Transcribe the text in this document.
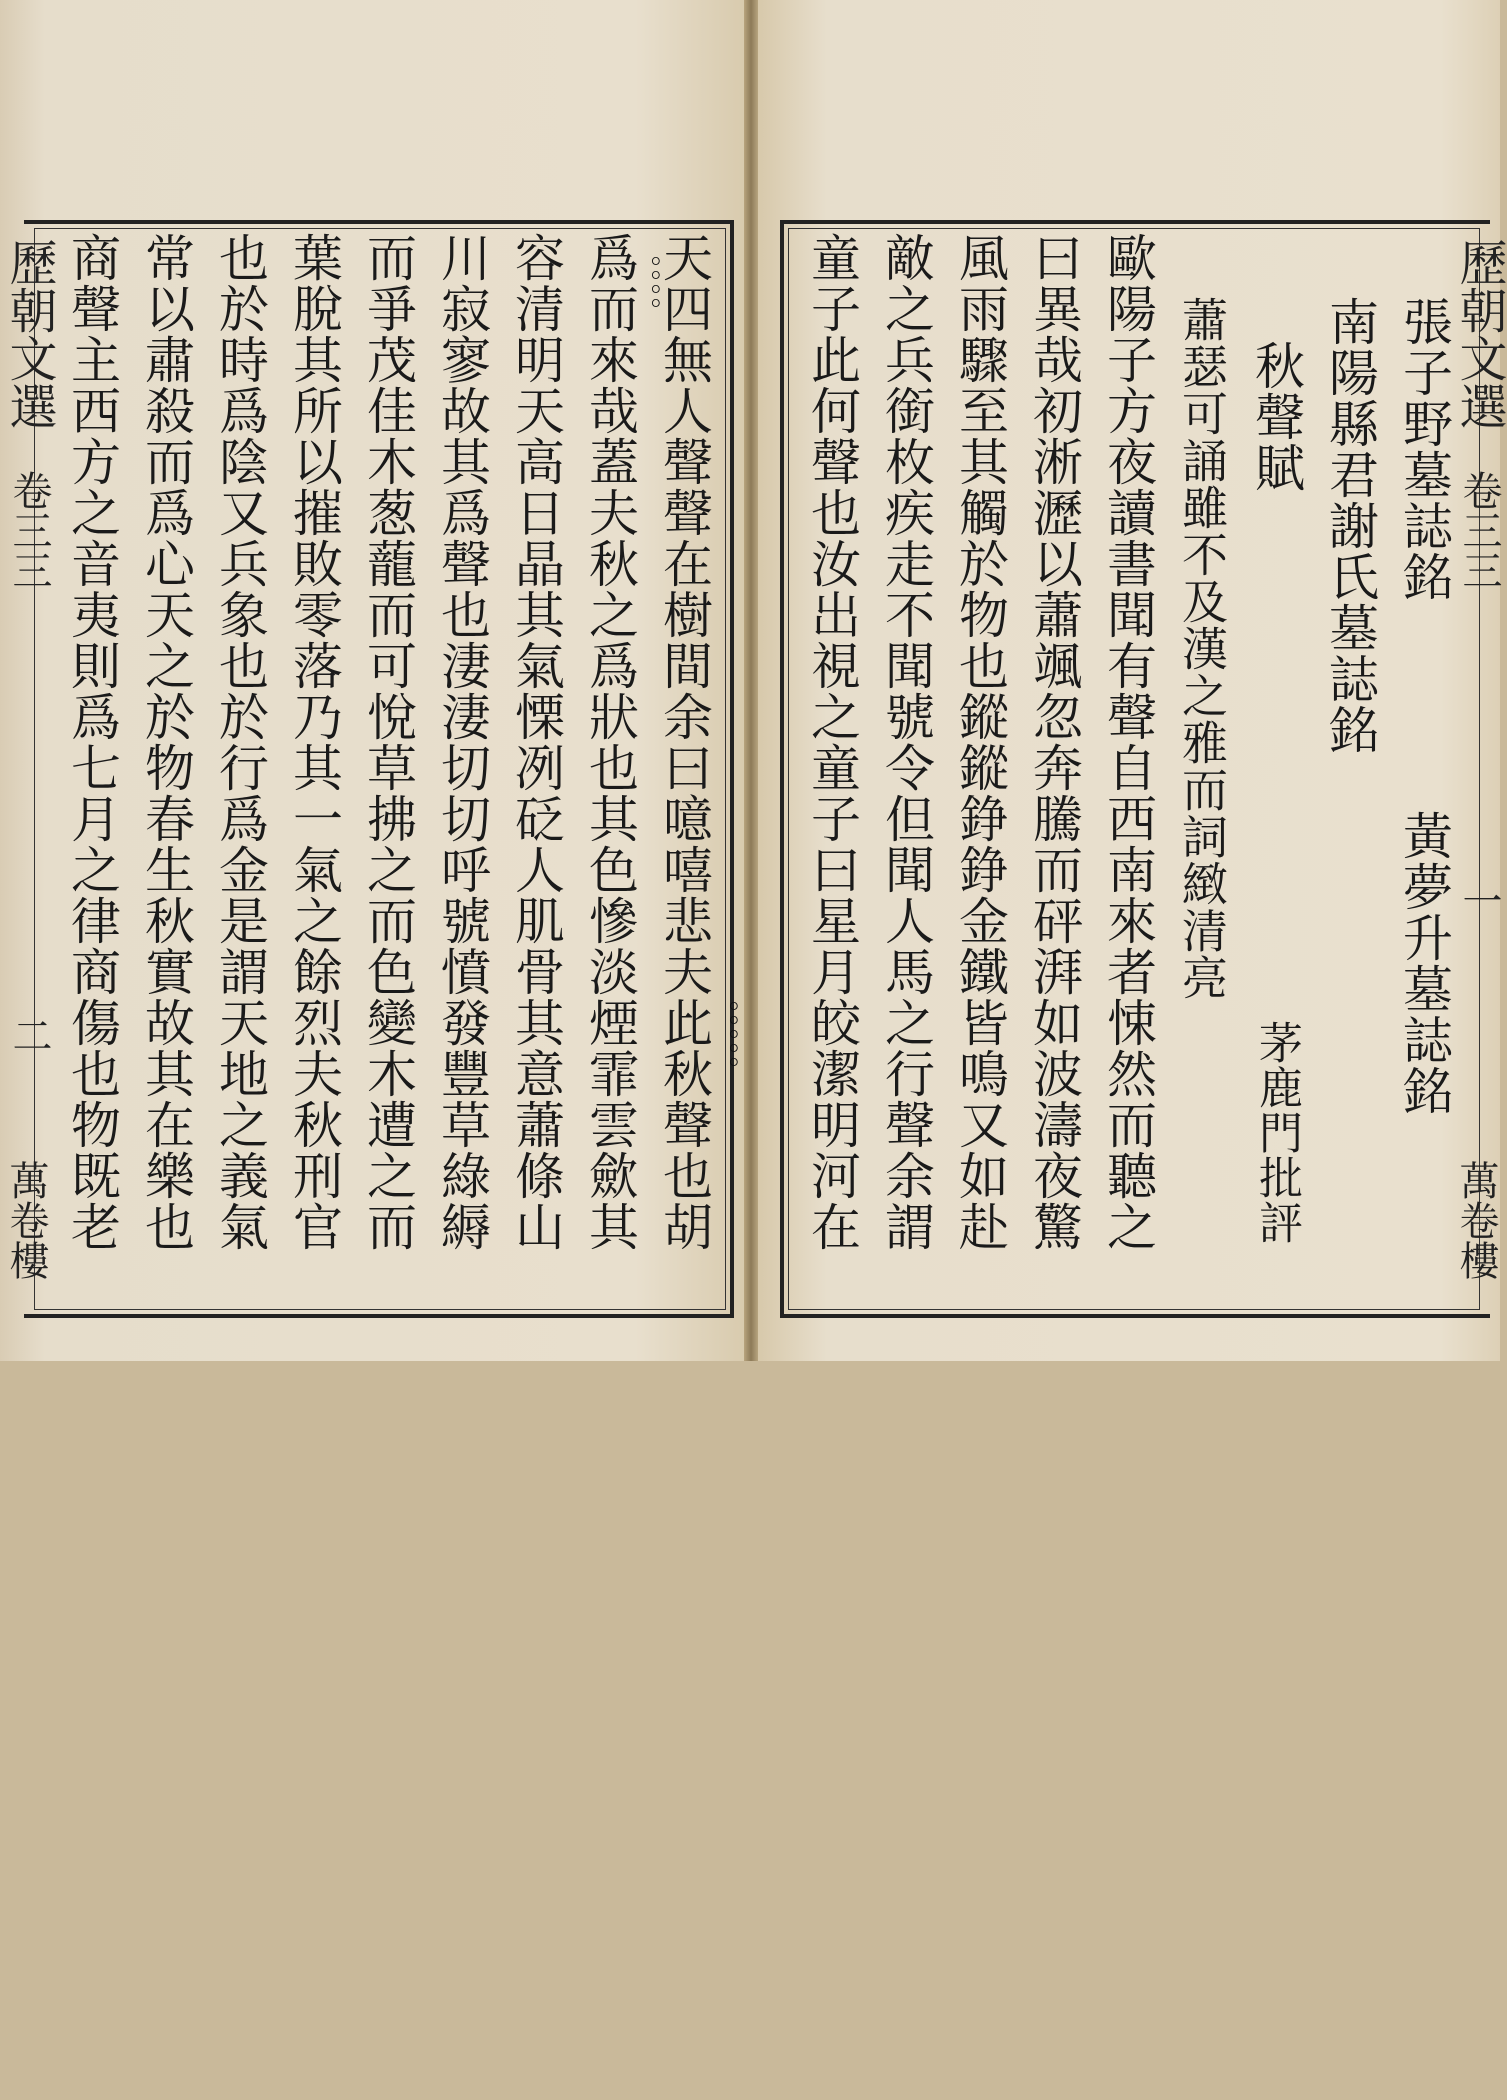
歷朝文選
卷三三
二
萬卷樓	天四無人聲聲在樹間余曰噫嘻悲夫此秋聲也胡
爲而來哉蓋夫秋之爲狀也其色慘淡煙霏雲歛其
容清明天高日晶其氣慄冽砭人肌骨其意蕭條山
川寂寥故其爲聲也淒淒切切呼號憤發豐草綠縟
而爭茂佳木葱蘢而可悅草拂之而色變木遭之而
葉脫其所以摧敗零落乃其一氣之餘烈夫秋刑官
也於時爲陰又兵象也於行爲金是謂天地之義氣
常以肅殺而爲心天之於物春生秋實故其在樂也
商聲主西方之音夷則爲七月之律商傷也物既老	。。。。
。。。。。
歷朝文選
卷三三
一
萬卷樓
張子野墓誌銘
南陽縣君謝氏墓誌銘
黃夢升墓誌銘
秋聲賦
茅鹿門批評
蕭瑟可誦雖不及漢之雅而詞緻清亮
歐陽子方夜讀書聞有聲自西南來者悚然而聽之
曰異哉初淅瀝以蕭颯忽奔騰而砰湃如波濤夜驚
風雨驟至其觸於物也鏦鏦錚錚金鐵皆鳴又如赴
敵之兵銜枚疾走不聞號令但聞人馬之行聲余謂
童子此何聲也汝出視之童子曰星月皎潔明河在
